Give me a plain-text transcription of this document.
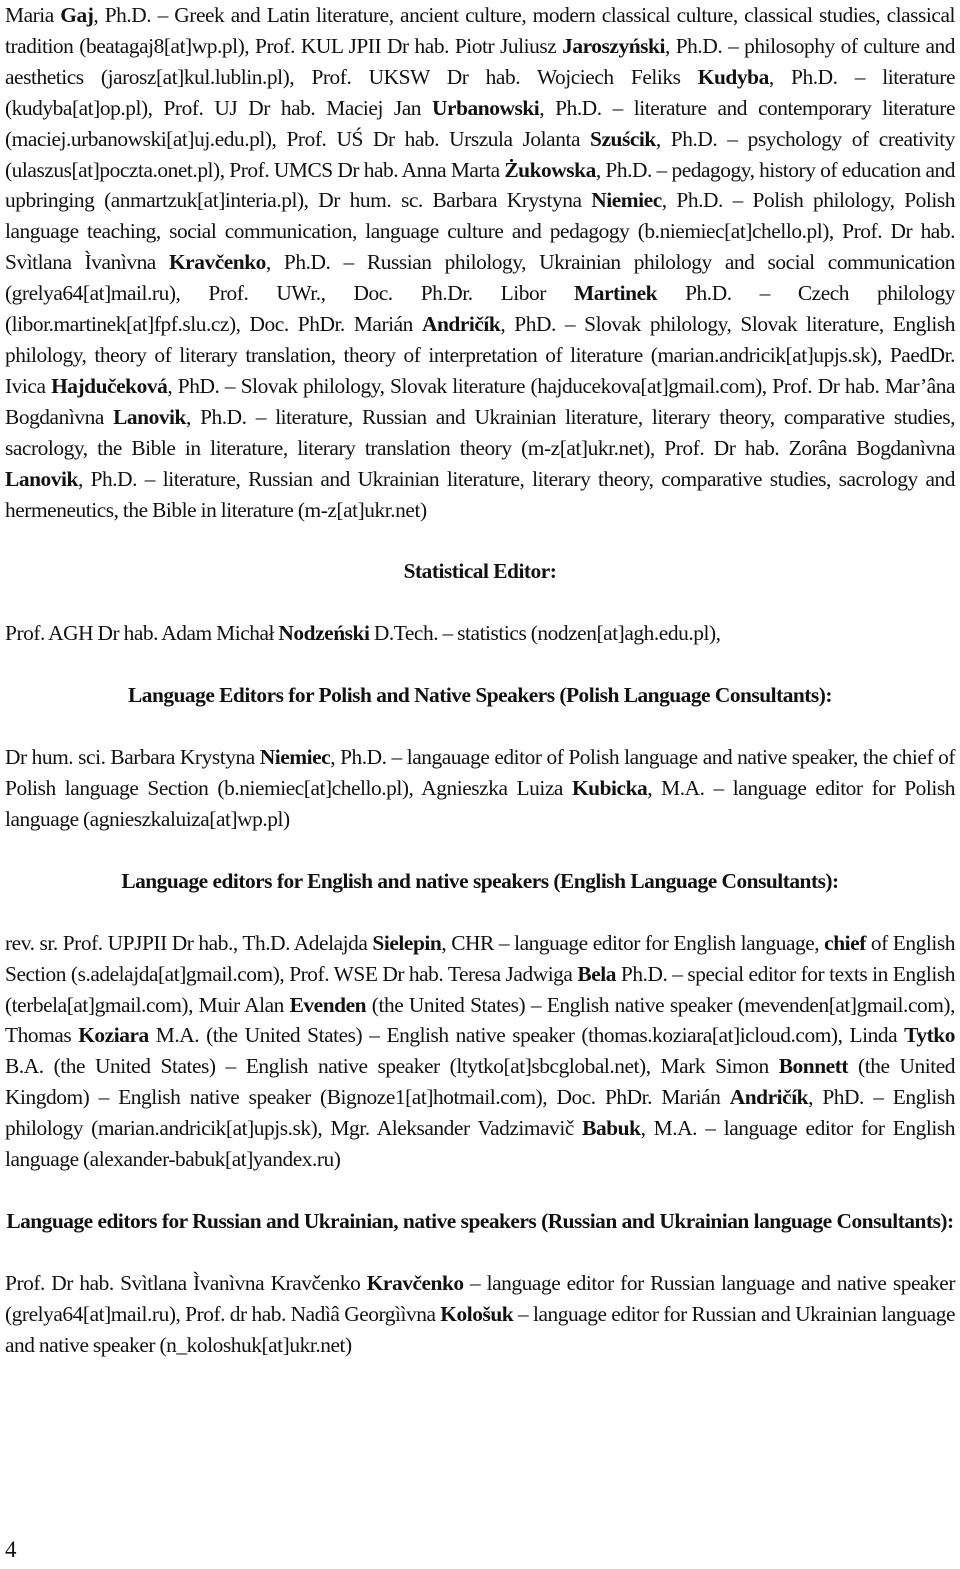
Maria Gaj, Ph.D. – Greek and Latin literature, ancient culture, modern classical culture, classical studies, classical tradition (beatagaj8[at]wp.pl), Prof. KUL JPII Dr hab. Piotr Juliusz Jaroszyński, Ph.D. – philosophy of culture and aesthetics (jarosz[at]kul.lublin.pl), Prof. UKSW Dr hab. Wojciech Feliks Kudyba, Ph.D. – literature (kudyba[at]op.pl), Prof. UJ Dr hab. Maciej Jan Urbanowski, Ph.D. – literature and contemporary literature (maciej.urbanowski[at]uj.edu.pl), Prof. UŚ Dr hab. Urszula Jolanta Szuścik, Ph.D. – psychology of creativity (ulaszus[at]poczta.onet.pl), Prof. UMCS Dr hab. Anna Marta Żukowska, Ph.D. – pedagogy, history of education and upbringing (anmartzuk[at]interia.pl), Dr hum. sc. Barbara Krystyna Niemiec, Ph.D. – Polish philology, Polish language teaching, social communication, language culture and pedagogy (b.niemiec[at]chello.pl), Prof. Dr hab. Svìtlana Ìvanìvna Kravčenko, Ph.D. – Russian philology, Ukrainian philology and social communication (grelya64[at]mail.ru), Prof. UWr., Doc. Ph.Dr. Libor Martinek Ph.D. – Czech philology (libor.martinek[at]fpf.slu.cz), Doc. PhDr. Marián Andričík, PhD. – Slovak philology, Slovak literature, English philology, theory of literary translation, theory of interpretation of literature (marian.andricik[at]upjs.sk), PaedDr. Ivica Hajdučeková, PhD. – Slovak philology, Slovak literature (hajducekova[at]gmail.com), Prof. Dr hab. Mar’âna Bogdanìvna Lanovik, Ph.D. – literature, Russian and Ukrainian literature, literary theory, comparative studies, sacrology, the Bible in literature, literary translation theory (m-z[at]ukr.net), Prof. Dr hab. Zorâna Bogdanìvna Lanovik, Ph.D. – literature, Russian and Ukrainian literature, literary theory, comparative studies, sacrology and hermeneutics, the Bible in literature (m-z[at]ukr.net)

Statistical Editor:

Prof. AGH Dr hab. Adam Michał Nodzeński D.Tech. – statistics (nodzen[at]agh.edu.pl),

Language Editors for Polish and Native Speakers (Polish Language Consultants):

Dr hum. sci. Barbara Krystyna Niemiec, Ph.D. – langauage editor of Polish language and native speaker, the chief of Polish language Section (b.niemiec[at]chello.pl), Agnieszka Luiza Kubicka, M.A. – language editor for Polish language (agnieszkaluiza[at]wp.pl)

Language editors for English and native speakers (English Language Consultants):

rev. sr. Prof. UPJPII Dr hab., Th.D. Adelajda Sielepin, CHR – language editor for English language, chief of English Section (s.adelajda[at]gmail.com), Prof. WSE Dr hab. Teresa Jadwiga Bela Ph.D. – special editor for texts in English (terbela[at]gmail.com), Muir Alan Evenden (the United States) – English native speaker (mevenden[at]gmail.com), Thomas Koziara M.A. (the United States) – English native speaker (thomas.koziara[at]icloud.com), Linda Tytko B.A. (the United States) – English native speaker (ltytko[at]sbcglobal.net), Mark Simon Bonnett (the United Kingdom) – English native speaker (Bignoze1[at]hotmail.com), Doc. PhDr. Marián Andričík, PhD. – English philology (marian.andricik[at]upjs.sk), Mgr. Aleksander Vadzimavič Babuk, M.A. – language editor for English language (alexander-babuk[at]yandex.ru)

Language editors for Russian and Ukrainian, native speakers (Russian and Ukrainian language Consultants):

Prof. Dr hab. Svìtlana Ìvanìvna Kravčenko Kravčenko – language editor for Russian language and native speaker (grelya64[at]mail.ru), Prof. dr hab. Nadìâ Georgììvna Kološuk – language editor for Russian and Ukrainian language and native speaker (n_koloshuk[at]ukr.net)

4
